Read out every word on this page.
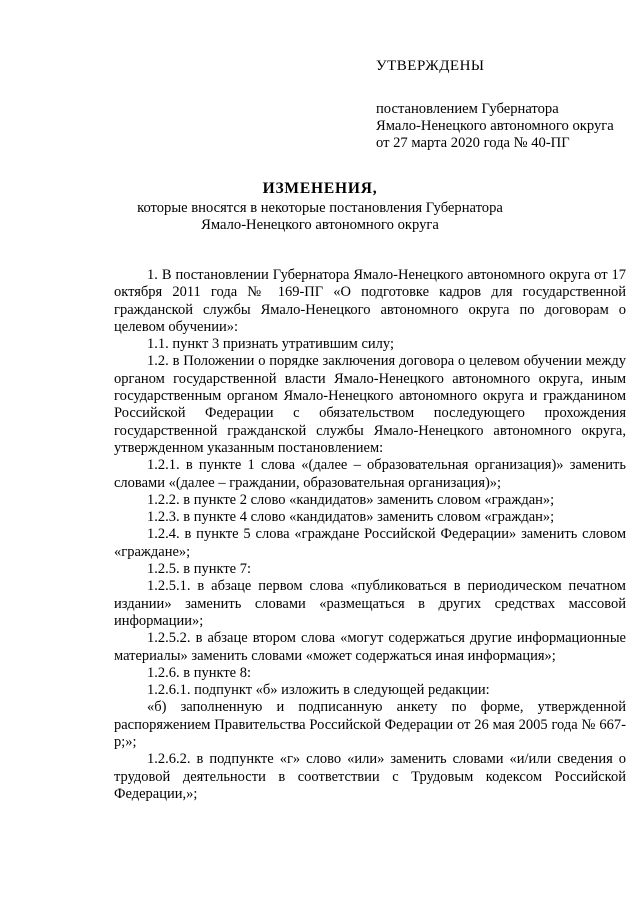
УТВЕРЖДЕНЫ
постановлением Губернатора
Ямало-Ненецкого автономного округа
от 27 марта 2020 года № 40-ПГ
ИЗМЕНЕНИЯ,
которые вносятся в некоторые постановления Губернатора
Ямало-Ненецкого автономного округа

1. В постановлении Губернатора Ямало-Ненецкого автономного округа от 17 октября 2011 года № 169-ПГ «О подготовке кадров для государственной гражданской службы Ямало-Ненецкого автономного округа по договорам о целевом обучении»:

1.1. пункт 3 признать утратившим силу;

1.2. в Положении о порядке заключения договора о целевом обучении между органом государственной власти Ямало-Ненецкого автономного округа, иным государственным органом Ямало-Ненецкого автономного округа и гражданином Российской Федерации с обязательством последующего прохождения государственной гражданской службы Ямало-Ненецкого автономного округа, утвержденном указанным постановлением:

1.2.1. в пункте 1 слова «(далее – образовательная организация)» заменить словами «(далее – граждании, образовательная организация)»;

1.2.2. в пункте 2 слово «кандидатов» заменить словом «граждан»;

1.2.3. в пункте 4 слово «кандидатов» заменить словом «граждан»;

1.2.4. в пункте 5 слова «граждане Российской Федерации» заменить словом «граждане»;

1.2.5. в пункте 7:

1.2.5.1. в абзаце первом слова «публиковаться в периодическом печатном издании» заменить словами «размещаться в других средствах массовой информации»;

1.2.5.2. в абзаце втором слова «могут содержаться другие информационные материалы» заменить словами «может содержаться иная информация»;

1.2.6. в пункте 8:

1.2.6.1. подпункт «б» изложить в следующей редакции:

«б) заполненную и подписанную анкету по форме, утвержденной распоряжением Правительства Российской Федерации от 26 мая 2005 года № 667-р;»;

1.2.6.2. в подпункте «г» слово «или» заменить словами «и/или сведения о трудовой деятельности в соответствии с Трудовым кодексом Российской Федерации,»;
